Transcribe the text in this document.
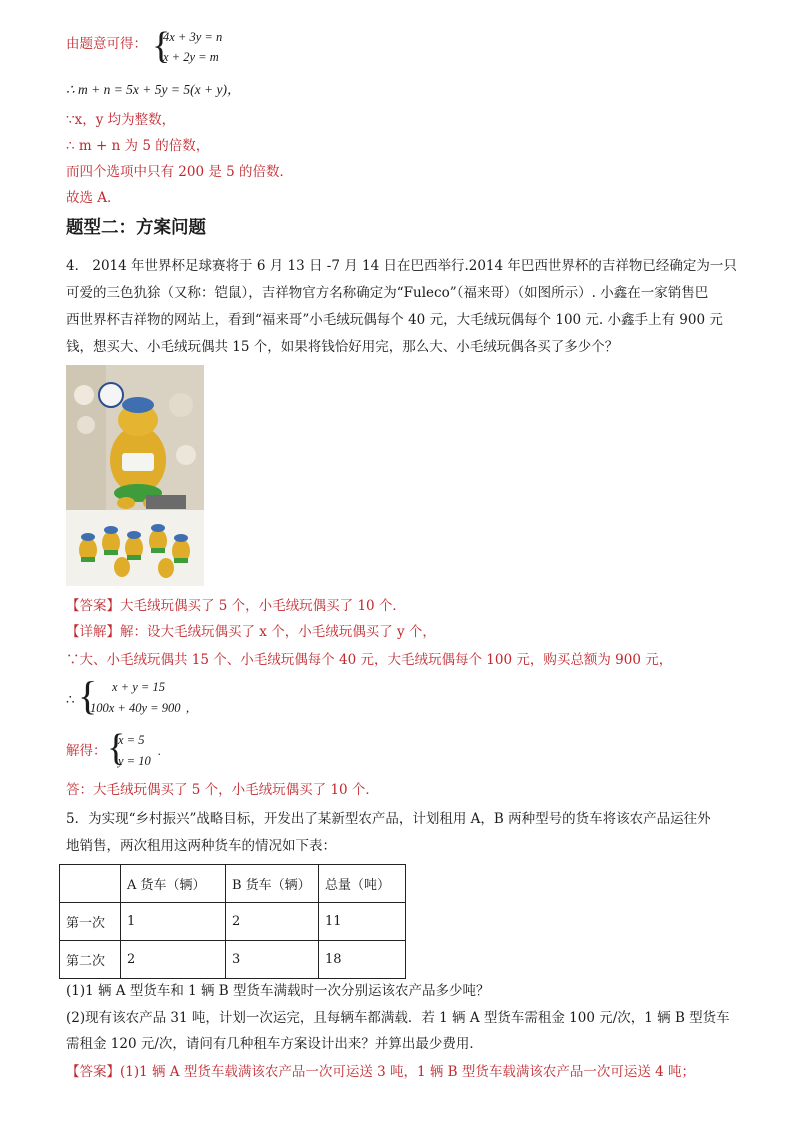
由题意可得： {
4x + 3y = n
x + 2y = m
∴ m + n = 5x + 5y = 5(x + y)，
∵x，y 均为整数，
∴ m + n 为 5 的倍数，
而四个选项中只有 200 是 5 的倍数．
故选 A．
题型二：方案问题
4． 2014 年世界杯足球赛将于 6 月 13 日 -7 月 14 日在巴西举行.2014 年巴西世界杯的吉祥物已经确定为一只
可爱的三色犰狳（又称：铠鼠），吉祥物官方名称确定为“Fuleco”（福来哥）（如图所示）. 小鑫在一家销售巴
西世界杯吉祥物的网站上，看到“福来哥”小毛绒玩偶每个 40 元，大毛绒玩偶每个 100 元. 小鑫手上有 900 元
钱，想买大、小毛绒玩偶共 15 个，如果将钱恰好用完，那么大、小毛绒玩偶各买了多少个？
【答案】大毛绒玩偶买了 5 个，小毛绒玩偶买了 10 个．
【详解】解：设大毛绒玩偶买了 x 个，小毛绒玩偶买了 y 个，
∵大、小毛绒玩偶共 15 个、小毛绒玩偶每个 40 元，大毛绒玩偶每个 100 元，购买总额为 900 元，
∴ { x + y = 15
100x + 40y = 900 ,
解得： {
x = 5
y = 10
.
答：大毛绒玩偶买了 5 个，小毛绒玩偶买了 10 个．
5．为实现“乡村振兴”战略目标，开发出了某新型农产品，计划租用 A，B 两种型号的货车将该农产品运往外
地销售，两次租用这两种货车的情况如下表：
	A 货车（辆）	B 货车（辆）	总量（吨）
第一次	1	2	11
第二次	2	3	18
(1)1 辆 A 型货车和 1 辆 B 型货车满载时一次分别运该农产品多少吨？
(2)现有该农产品 31 吨，计划一次运完，且每辆车都满载．若 1 辆 A 型货车需租金 100 元/次，1 辆 B 型货车
需租金 120 元/次，请问有几种租车方案设计出来？并算出最少费用．
【答案】(1)1 辆 A 型货车载满该农产品一次可运送 3 吨，1 辆 B 型货车载满该农产品一次可运送 4 吨；
